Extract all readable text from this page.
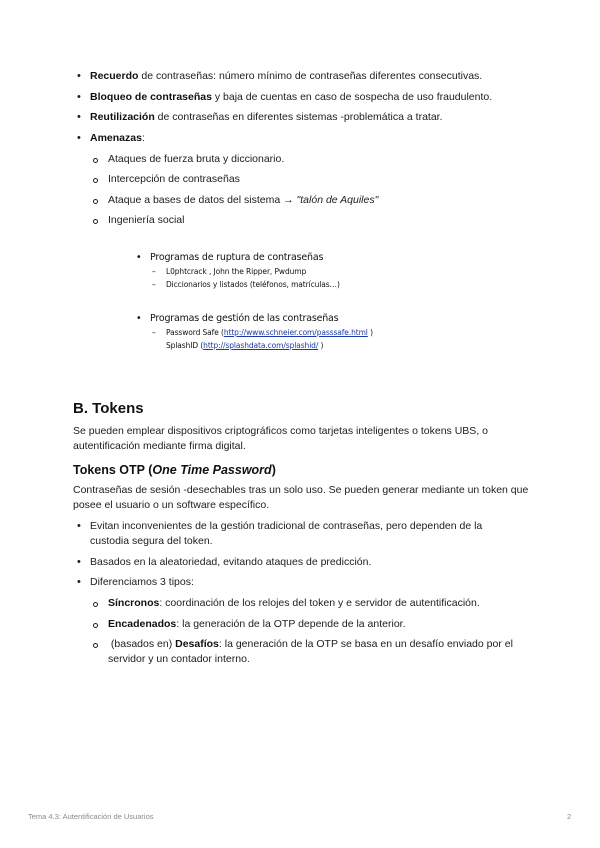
• Recuerdo de contraseñas: número mínimo de contraseñas diferentes consecutivas.
• Bloqueo de contraseñas y baja de cuentas en caso de sospecha de uso fraudulento.
• Reutilización de contraseñas en diferentes sistemas -problemática a tratar.
• Amenazas:
Ataques de fuerza bruta y diccionario.
Intercepción de contraseñas
Ataque a bases de datos del sistema → "talón de Aquiles"
Ingeniería social
• Programas de ruptura de contraseñas
– L0phtcrack , John the Ripper, Pwdump
– Diccionarios y listados (teléfonos, matrículas…)
• Programas de gestión de las contraseñas
– Password Safe (http://www.schneier.com/passsafe.html )
SplashID (http://splashdata.com/splashid/ )
B. Tokens
Se pueden emplear dispositivos criptográficos como tarjetas inteligentes o tokens UBS, o autentificación mediante firma digital.
Tokens OTP (One Time Password)
Contraseñas de sesión -desechables tras un solo uso. Se pueden generar mediante un token que posee el usuario o un software específico.
• Evitan inconvenientes de la gestión tradicional de contraseñas, pero dependen de la custodia segura del token.
• Basados en la aleatoriedad, evitando ataques de predicción.
• Diferenciamos 3 tipos:
Síncronos: coordinación de los relojes del token y e servidor de autentificación.
Encadenados: la generación de la OTP depende de la anterior.
(basados en) Desafíos: la generación de la OTP se basa en un desafío enviado por el servidor y un contador interno.
Tema 4.3: Autentificación de Usuarios	2
